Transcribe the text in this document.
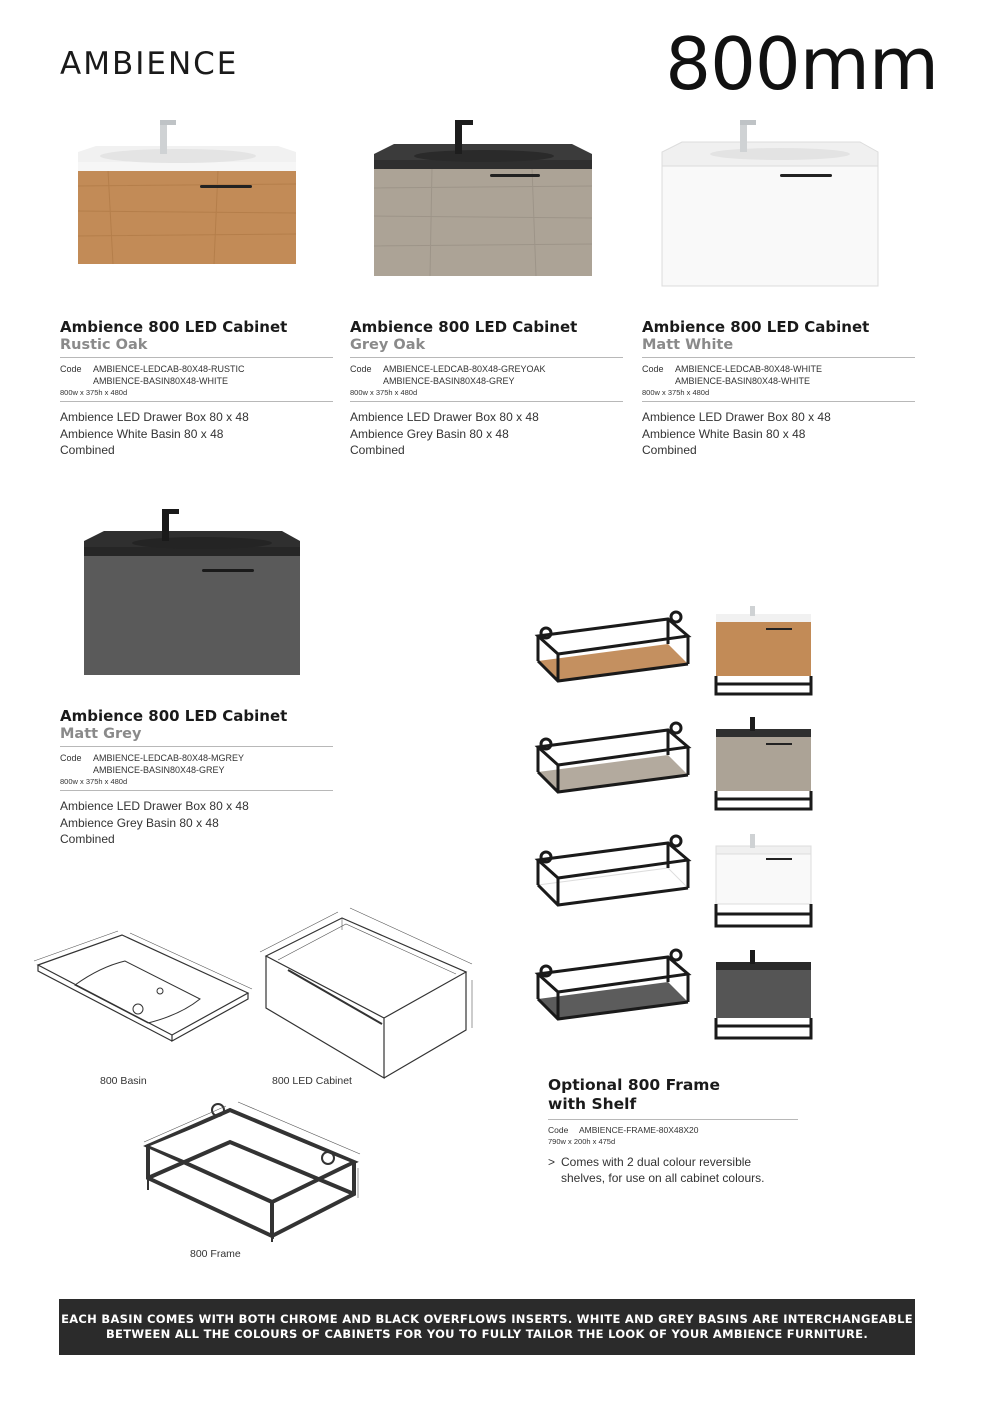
AMBIENCE	800mm
Ambience 800 LED Cabinet
Rustic Oak
Code	AMBIENCE-LEDCAB-80X48-RUSTIC
AMBIENCE-BASIN80X48-WHITE
800w x 375h x 480d
Ambience LED Drawer Box 80 x 48
Ambience White Basin 80 x 48
Combined
Ambience 800 LED Cabinet
Grey Oak
Code	AMBIENCE-LEDCAB-80X48-GREYOAK
AMBIENCE-BASIN80X48-GREY
800w x 375h x 480d
Ambience LED Drawer Box 80 x 48
Ambience Grey Basin 80 x 48
Combined
Ambience 800 LED Cabinet
Matt White
Code	AMBIENCE-LEDCAB-80X48-WHITE
AMBIENCE-BASIN80X48-WHITE
800w x 375h x 480d
Ambience LED Drawer Box 80 x 48
Ambience White Basin 80 x 48
Combined
Ambience 800 LED Cabinet
Matt Grey
Code	AMBIENCE-LEDCAB-80X48-MGREY
AMBIENCE-BASIN80X48-GREY
800w x 375h x 480d
Ambience LED Drawer Box 80 x 48
Ambience Grey Basin 80 x 48
Combined
Optional 800 Frame
with Shelf
Code	AMBIENCE-FRAME-80X48X20
790w x 200h x 475d
> Comes with 2 dual colour reversible
shelves, for use on all cabinet colours.
800 Basin	800 LED Cabinet
800 Frame
EACH BASIN COMES WITH BOTH CHROME AND BLACK OVERFLOWS INSERTS. WHITE AND GREY BASINS ARE INTERCHANGEABLE
BETWEEN ALL THE COLOURS OF CABINETS FOR YOU TO FULLY TAILOR THE LOOK OF YOUR AMBIENCE FURNITURE.
